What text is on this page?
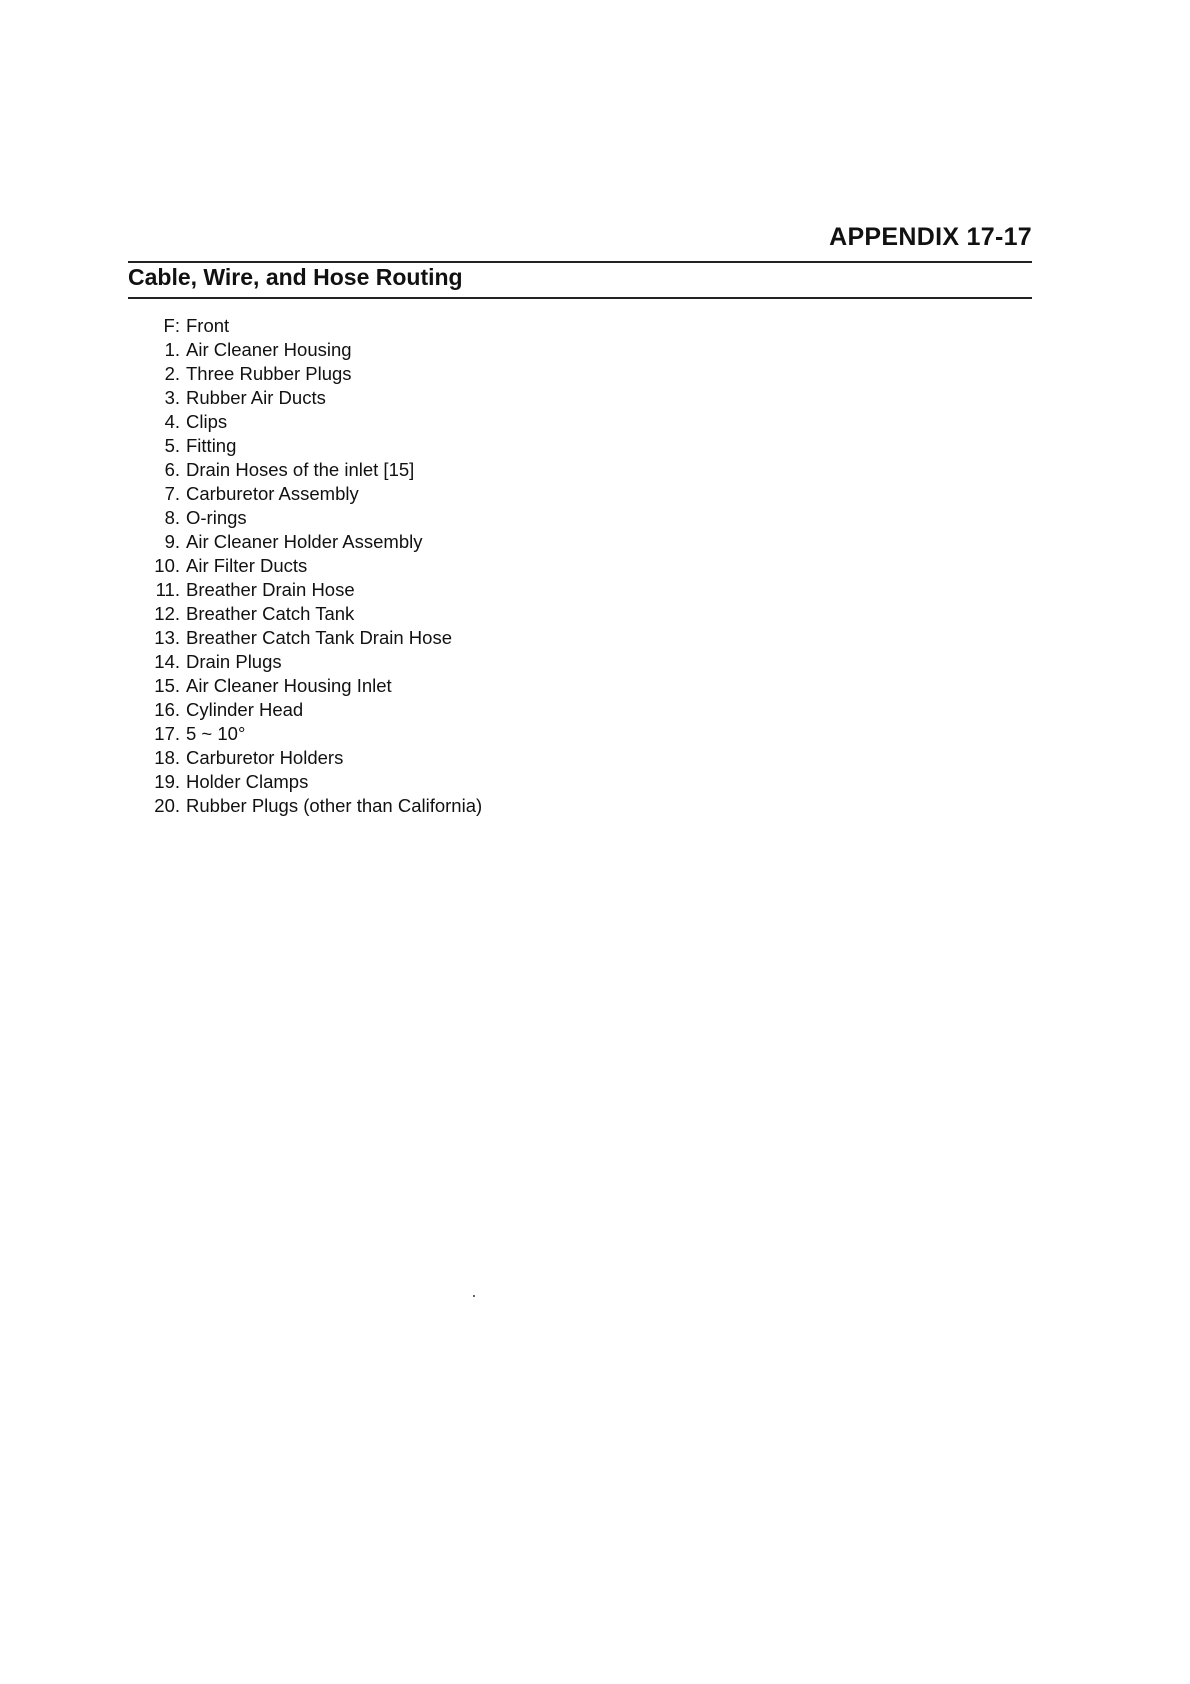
APPENDIX 17-17
Cable, Wire, and Hose Routing
F: Front
1. Air Cleaner Housing
2. Three Rubber Plugs
3. Rubber Air Ducts
4. Clips
5. Fitting
6. Drain Hoses of the inlet [15]
7. Carburetor Assembly
8. O-rings
9. Air Cleaner Holder Assembly
10. Air Filter Ducts
11. Breather Drain Hose
12. Breather Catch Tank
13. Breather Catch Tank Drain Hose
14. Drain Plugs
15. Air Cleaner Housing Inlet
16. Cylinder Head
17. 5 ~ 10°
18. Carburetor Holders
19. Holder Clamps
20. Rubber Plugs (other than California)
